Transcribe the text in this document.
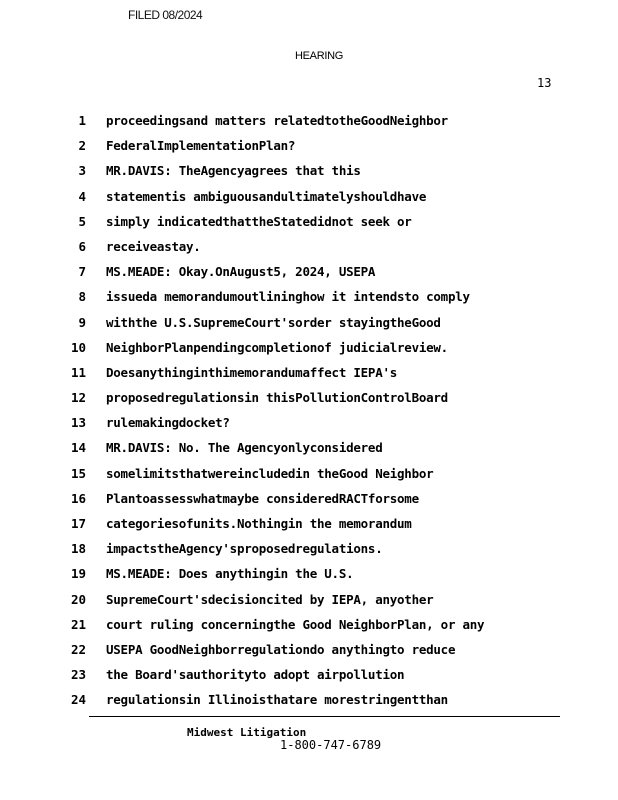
FILED 08/2024
HEARING
13
1 proceedingsand matters relatedtotheGoodNeighbor
2 FederalImplementationPlan?
3 MR.DAVIS: TheAgencyagrees that this
4 statementis ambiguousandultimatelyshouldhave
5 simply indicatedthattheStatedidnot seek or
6 receiveastay.
7 MS.MEADE: Okay.OnAugust5, 2024, USEPA
8 issueda memorandumoutlininghow it intendsto comply
9 withthe U.S.SupremeCourt'sorder stayingtheGood
10 NeighborPlanpendingcompletionof judicialreview.
11 Doesanythinginthimemorandumaffect IEPA's
12 proposedregulationsin thisPollutionControlBoard
13 rulemakingdocket?
14 MR.DAVIS: No. The Agencyonlyconsidered
15 somelimitsthatwereincludedin theGood Neighbor
16 Plantoassesswhatmaybe consideredRACTforsome
17 categoriesofunits.Nothingin the memorandum
18 impactstheAgency'sproposedregulations.
19 MS.MEADE: Does anythingin the U.S.
20 SupremeCourt'sdecisioncited by IEPA, anyother
21 court ruling concerningthe Good NeighborPlan, or any
22 USEPA GoodNeighborregulationdo anythingto reduce
23 the Board'sauthorityto adopt airpollution
24 regulationsin Illinoisthatare morestringentthan
Midwest Litigation
1-800-747-6789
